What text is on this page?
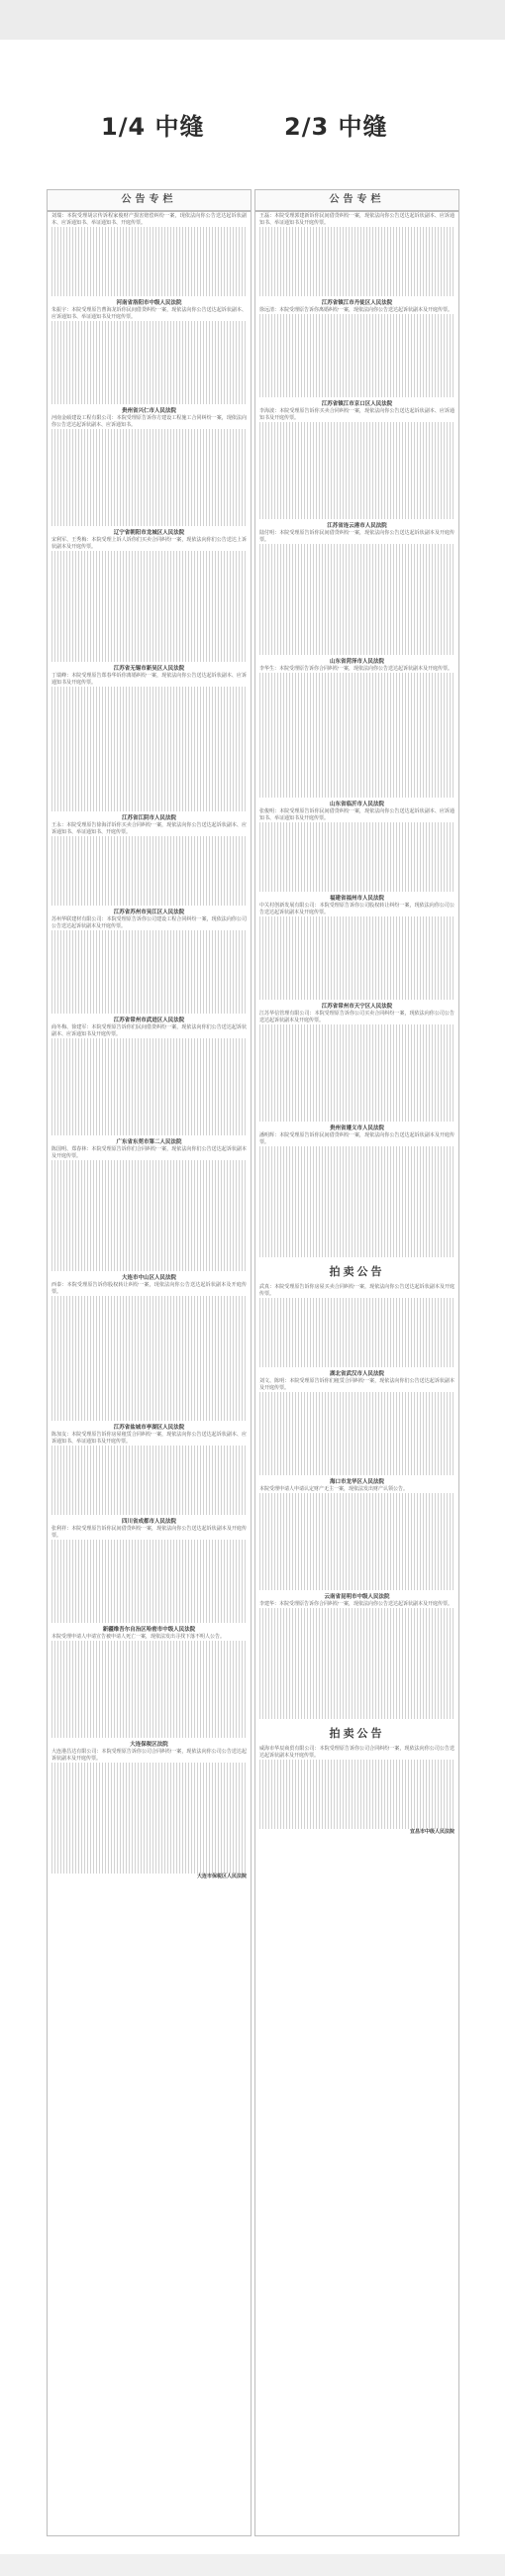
1/4 中缝	2/3 中缝
公告专栏
刘瑞：本院受理胡宗传诉程家俊财产损害赔偿纠纷一案，现依法向你公告送达起诉状副本、应诉通知书、举证通知书、开庭传票。
河南省洛阳市中级人民法院
朱振宇：本院受理原告曹海龙诉你民间借贷纠纷一案，现依法向你公告送达起诉状副本、应诉通知书、举证通知书及开庭传票。
贵州省兴仁市人民法院
河南金硕建设工程有限公司：本院受理原告诉你方建设工程施工合同纠纷一案，现依法向你公告送达起诉状副本、应诉通知书。
辽宁省朝阳市龙城区人民法院
宋利军、王秀梅：本院受理上诉人诉你们买卖合同纠纷一案，现依法向你们公告送达上诉状副本及开庭传票。
江苏省无锡市新吴区人民法院
丁瑞峰：本院受理原告郑春华诉你离婚纠纷一案，现依法向你公告送达起诉状副本、应诉通知书及开庭传票。
江苏省江阴市人民法院
王永：本院受理原告徐海洋诉你买卖合同纠纷一案，现依法向你公告送达起诉状副本、应诉通知书、举证通知书、开庭传票。
江苏省苏州市吴江区人民法院
苏州华联建材有限公司：本院受理原告诉你公司建设工程合同纠纷一案，现依法向你公司公告送达起诉状副本及开庭传票。
江苏省常州市武进区人民法院
商冬梅、徐建军：本院受理原告诉你们民间借贷纠纷一案，现依法向你们公告送达起诉状副本、应诉通知书及开庭传票。
广东省东莞市第二人民法院
陈国明、郑春林：本院受理原告诉你们合同纠纷一案，现依法向你们公告送达起诉状副本及开庭传票。
大连市中山区人民法院
西泰：本院受理原告诉你股权转让纠纷一案，现依法向你公告送达起诉状副本及开庭传票。
江苏省盐城市亭湖区人民法院
陈加友：本院受理原告诉你房屋租赁合同纠纷一案，现依法向你公告送达起诉状副本、应诉通知书、举证通知书及开庭传票。
四川省成都市人民法院
张利祥：本院受理原告诉你民间借贷纠纷一案，现依法向你公告送达起诉状副本及开庭传票。
新疆维吾尔自治区哈密市中级人民法院
本院受理申请人申请宣告被申请人死亡一案，现依法发出寻找下落不明人公告。
大连保税区法院
大连港昌达有限公司：本院受理原告诉你公司合同纠纷一案，现依法向你公司公告送达起诉状副本及开庭传票。
大连市保税区人民法院
公告专栏
王磊：本院受理郭建新诉你民间借贷纠纷一案，现依法向你公告送达起诉状副本、应诉通知书、举证通知书及开庭传票。
江苏省镇江市丹徒区人民法院
徐远清：本院受理原告诉你离婚纠纷一案，现依法向你公告送达起诉状副本及开庭传票。
江苏省镇江市京口区人民法院
李海波：本院受理原告诉你买卖合同纠纷一案，现依法向你公告送达起诉状副本、应诉通知书及开庭传票。
江苏省连云港市人民法院
陆付明：本院受理原告诉你民间借贷纠纷一案，现依法向你公告送达起诉状副本及开庭传票。
山东省菏泽市人民法院
李华生：本院受理原告诉你合同纠纷一案，现依法向你公告送达起诉状副本及开庭传票。
山东省临沂市人民法院
张俊明：本院受理原告诉你民间借贷纠纷一案，现依法向你公告送达起诉状副本、应诉通知书、举证通知书及开庭传票。
福建省福州市人民法院
中关村创新发展有限公司：本院受理原告诉你公司股权转让纠纷一案，现依法向你公司公告送达起诉状副本及开庭传票。
江苏省常州市天宁区人民法院
江苏华信管理有限公司：本院受理原告诉你公司买卖合同纠纷一案，现依法向你公司公告送达起诉状副本及开庭传票。
贵州省遵义市人民法院
潘明辉：本院受理原告诉你民间借贷纠纷一案，现依法向你公告送达起诉状副本及开庭传票。
拍卖公告
武真：本院受理原告诉你房屋买卖合同纠纷一案，现依法向你公告送达起诉状副本及开庭传票。
湖北省武汉市人民法院
刘文、陈明：本院受理原告诉你们租赁合同纠纷一案，现依法向你们公告送达起诉状副本及开庭传票。
海口市龙华区人民法院
本院受理申请人申请认定财产无主一案，现依法发出财产认领公告。
云南省昆明市中级人民法院
李建华：本院受理原告诉你合同纠纷一案，现依法向你公告送达起诉状副本及开庭传票。
拍卖公告
威海市华辰商贸有限公司：本院受理原告诉你公司合同纠纷一案，现依法向你公司公告送达起诉状副本及开庭传票。
宜昌市中级人民法院
